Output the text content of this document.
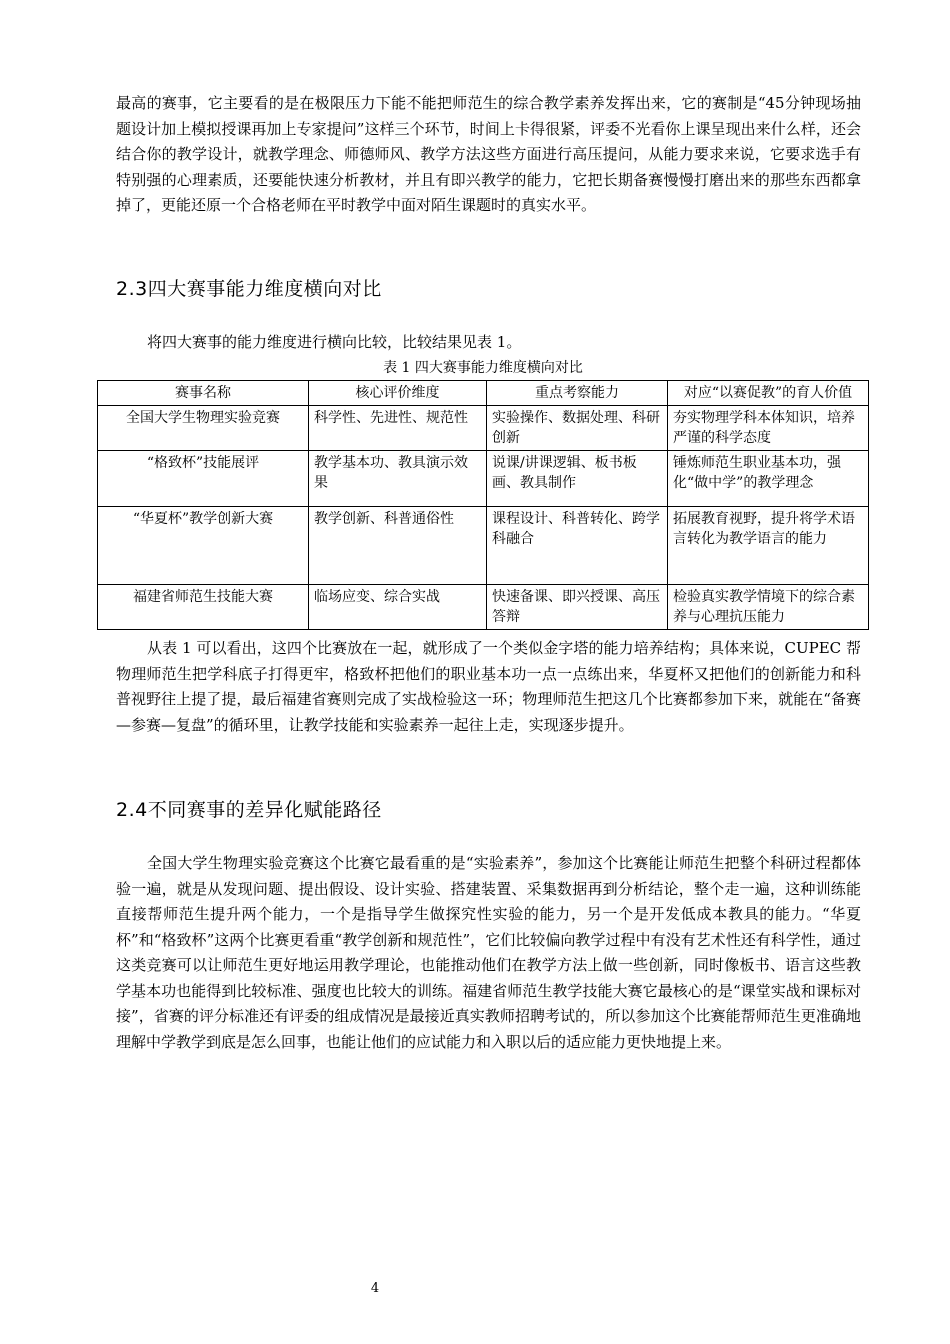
最高的赛事，它主要看的是在极限压力下能不能把师范生的综合教学素养发挥出来，它的赛制是“45分钟现场抽题设计加上模拟授课再加上专家提问”这样三个环节，时间上卡得很紧，评委不光看你上课呈现出来什么样，还会结合你的教学设计，就教学理念、师德师风、教学方法这些方面进行高压提问，从能力要求来说，它要求选手有特别强的心理素质，还要能快速分析教材，并且有即兴教学的能力，它把长期备赛慢慢打磨出来的那些东西都拿掉了，更能还原一个合格老师在平时教学中面对陌生课题时的真实水平。

2.3四大赛事能力维度横向对比

将四大赛事的能力维度进行横向比较，比较结果见表 1。

表 1 四大赛事能力维度横向对比

赛事名称	核心评价维度	重点考察能力	对应“以赛促教”的育人价值
全国大学生物理实验竞赛	科学性、先进性、规范性	实验操作、数据处理、科研创新	夯实物理学科本体知识，培养严谨的科学态度
“格致杯”技能展评	教学基本功、教具演示效果	说课/讲课逻辑、板书板画、教具制作	锤炼师范生职业基本功，强化“做中学”的教学理念
“华夏杯”教学创新大赛	教学创新、科普通俗性	课程设计、科普转化、跨学科融合	拓展教育视野，提升将学术语言转化为教学语言的能力
福建省师范生技能大赛	临场应变、综合实战	快速备课、即兴授课、高压答辩	检验真实教学情境下的综合素养与心理抗压能力

从表 1 可以看出，这四个比赛放在一起，就形成了一个类似金字塔的能力培养结构；具体来说，CUPEC 帮物理师范生把学科底子打得更牢，格致杯把他们的职业基本功一点一点练出来，华夏杯又把他们的创新能力和科普视野往上提了提，最后福建省赛则完成了实战检验这一环；物理师范生把这几个比赛都参加下来，就能在“备赛—参赛—复盘”的循环里，让教学技能和实验素养一起往上走，实现逐步提升。

2.4不同赛事的差异化赋能路径

全国大学生物理实验竞赛这个比赛它最看重的是“实验素养”，参加这个比赛能让师范生把整个科研过程都体验一遍，就是从发现问题、提出假设、设计实验、搭建装置、采集数据再到分析结论，整个走一遍，这种训练能直接帮师范生提升两个能力，一个是指导学生做探究性实验的能力，另一个是开发低成本教具的能力。“华夏杯”和“格致杯”这两个比赛更看重“教学创新和规范性”，它们比较偏向教学过程中有没有艺术性还有科学性，通过这类竞赛可以让师范生更好地运用教学理论，也能推动他们在教学方法上做一些创新，同时像板书、语言这些教学基本功也能得到比较标准、强度也比较大的训练。福建省师范生教学技能大赛它最核心的是“课堂实战和课标对接”，省赛的评分标准还有评委的组成情况是最接近真实教师招聘考试的，所以参加这个比赛能帮师范生更准确地理解中学教学到底是怎么回事，也能让他们的应试能力和入职以后的适应能力更快地提上来。

4
